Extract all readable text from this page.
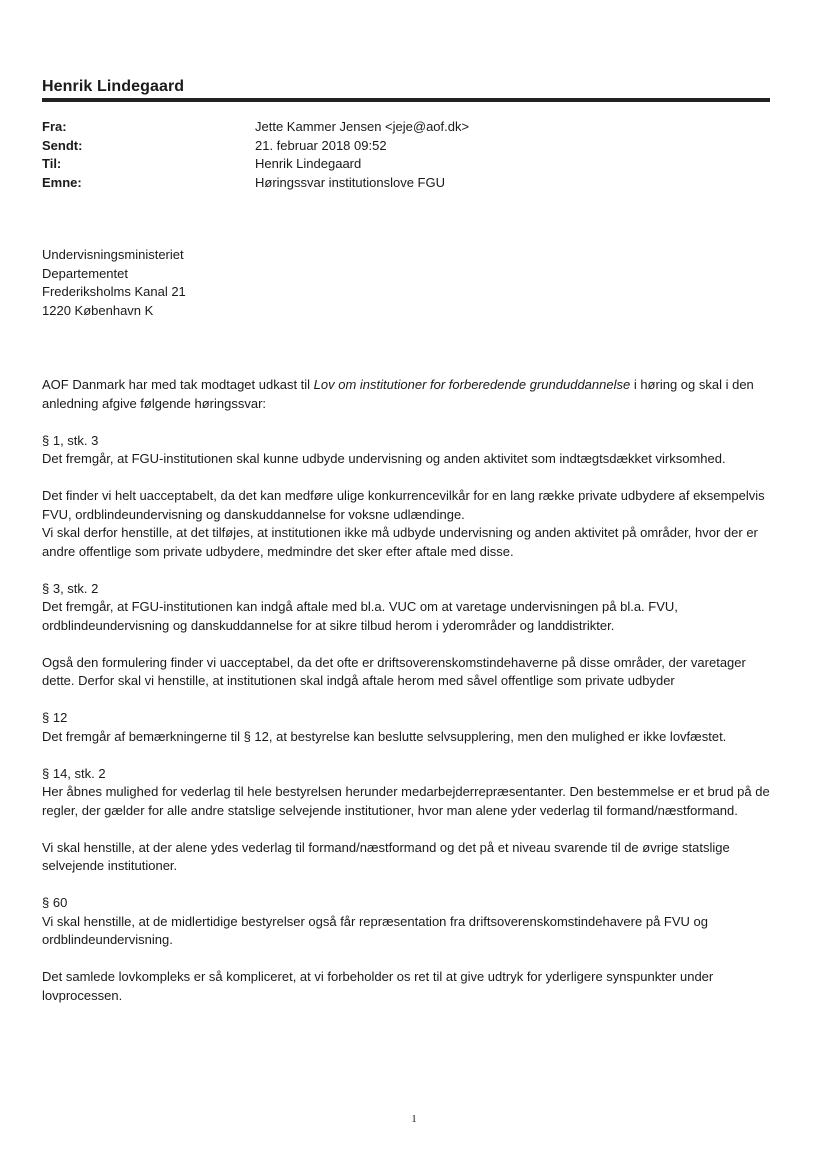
Henrik Lindegaard
Fra:	Jette Kammer Jensen <jeje@aof.dk>
Sendt:	21. februar 2018 09:52
Til:	Henrik Lindegaard
Emne:	Høringssvar institutionslove FGU
Undervisningsministeriet
Departementet
Frederiksholms Kanal 21
1220 København K

AOF Danmark har med tak modtaget udkast til Lov om institutioner for forberedende grunduddannelse i høring og skal i den anledning afgive følgende høringssvar:

§ 1, stk. 3

Det fremgår, at FGU-institutionen skal kunne udbyde undervisning og anden aktivitet som indtægtsdækket virksomhed.

Det finder vi helt uacceptabelt, da det kan medføre ulige konkurrencevilkår for en lang række private udbydere af eksempelvis FVU, ordblindeundervisning og danskuddannelse for voksne udlændinge.
Vi skal derfor henstille, at det tilføjes, at institutionen ikke må udbyde undervisning og anden aktivitet på områder, hvor der er andre offentlige som private udbydere, medmindre det sker efter aftale med disse.

§ 3, stk. 2

Det fremgår, at FGU-institutionen kan indgå aftale med bl.a. VUC om at varetage undervisningen på bl.a. FVU, ordblindeundervisning og danskuddannelse for at sikre tilbud herom i yderområder og landdistrikter.

Også den formulering finder vi uacceptabel, da det ofte er driftsoverenskomstindehaverne på disse områder, der varetager dette. Derfor skal vi henstille, at institutionen skal indgå aftale herom med såvel offentlige som private udbyder

§ 12

Det fremgår af bemærkningerne til § 12, at bestyrelse kan beslutte selvsupplering, men den mulighed er ikke lovfæstet.

§ 14, stk. 2

Her åbnes mulighed for vederlag til hele bestyrelsen herunder medarbejderrepræsentanter. Den bestemmelse er et brud på de regler, der gælder for alle andre statslige selvejende institutioner, hvor man alene yder vederlag til formand/næstformand.

Vi skal henstille, at der alene ydes vederlag til formand/næstformand og det på et niveau svarende til de øvrige statslige selvejende institutioner.

§ 60

Vi skal henstille, at de midlertidige bestyrelser også får repræsentation fra driftsoverenskomstindehavere på FVU og ordblindeundervisning.

Det samlede lovkompleks er så kompliceret, at vi forbeholder os ret til at give udtryk for yderligere synspunkter under lovprocessen.

1
